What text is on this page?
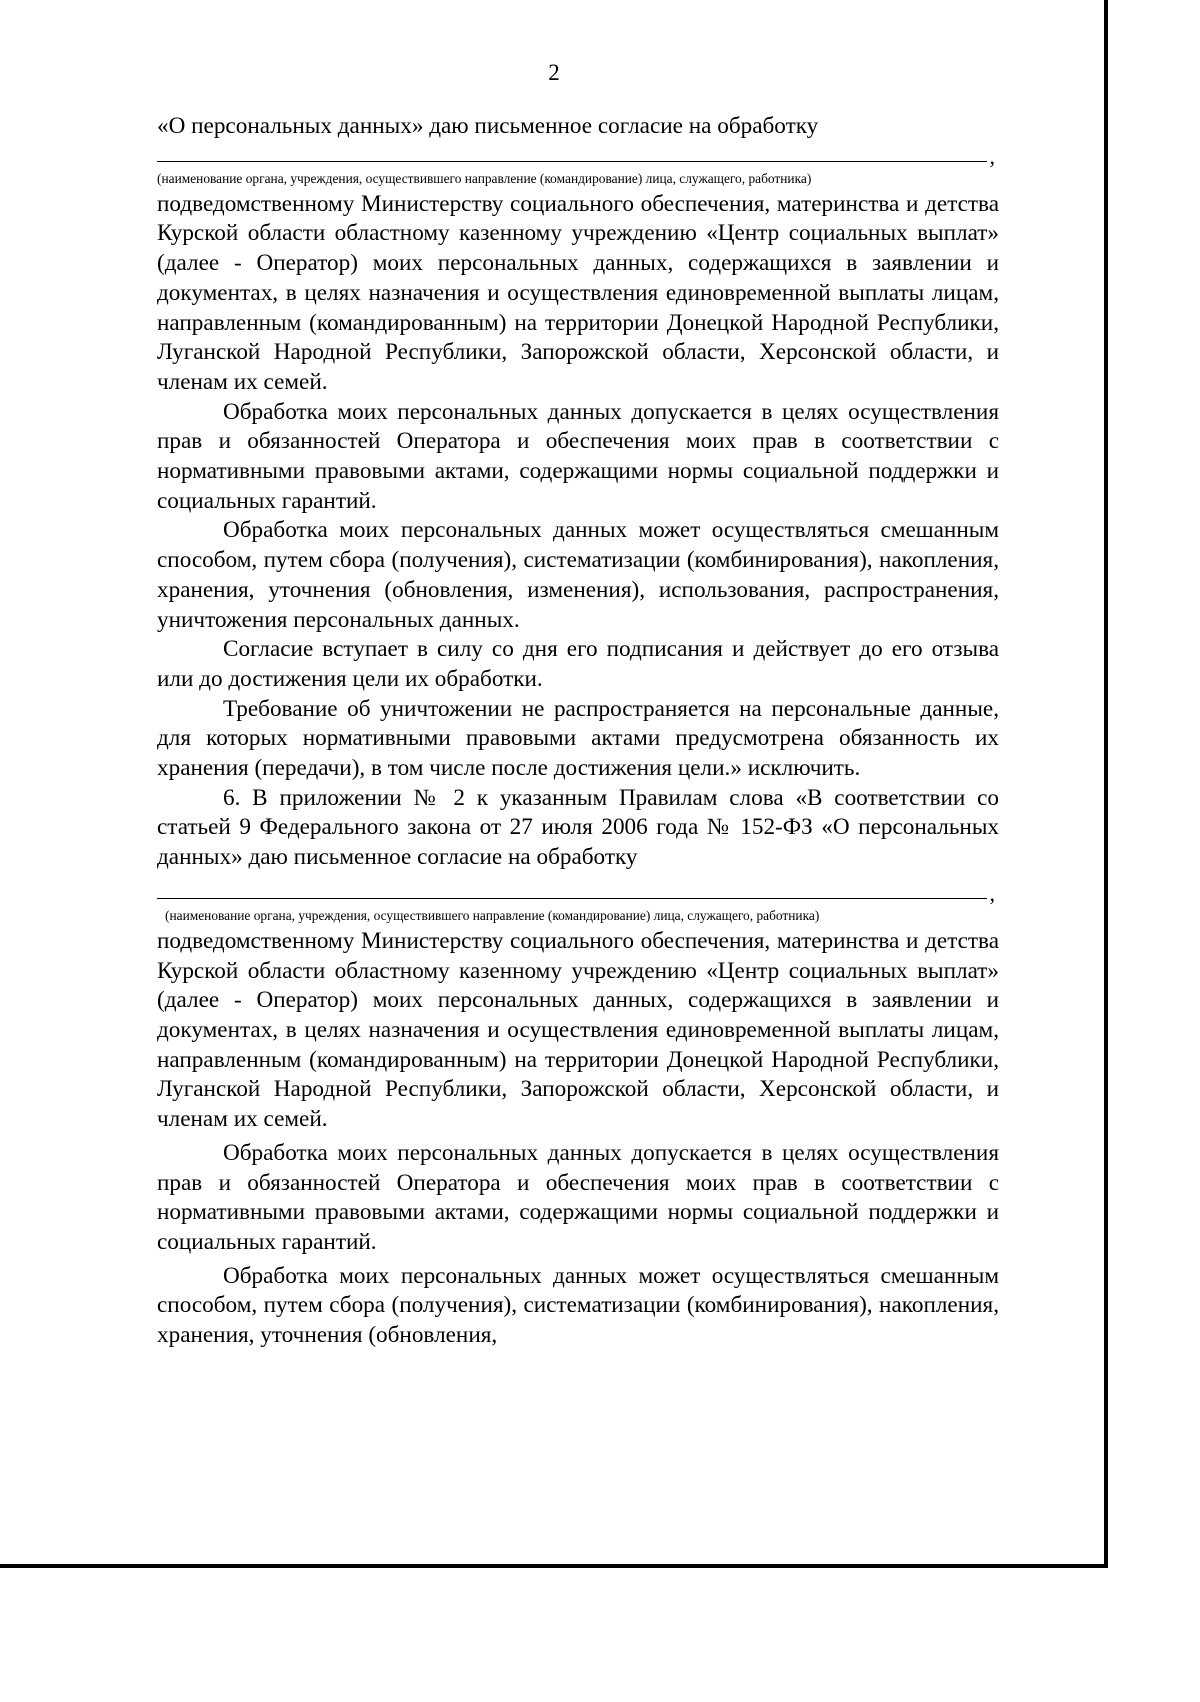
2

«О персональных данных» даю письменное согласие на обработку

,
(наименование органа, учреждения, осуществившего направление (командирование) лица, служащего, работника)

подведомственному Министерству социального обеспечения, материнства и детства Курской области областному казенному учреждению «Центр социальных выплат» (далее - Оператор) моих персональных данных, содержащихся в заявлении и документах, в целях назначения и осуществления единовременной выплаты лицам, направленным (командированным) на территории Донецкой Народной Республики, Луганской Народной Республики, Запорожской области, Херсонской области, и членам их семей.

Обработка моих персональных данных допускается в целях осуществления прав и обязанностей Оператора и обеспечения моих прав в соответствии с нормативными правовыми актами, содержащими нормы социальной поддержки и социальных гарантий.

Обработка моих персональных данных может осуществляться смешанным способом, путем сбора (получения), систематизации (комбинирования), накопления, хранения, уточнения (обновления, изменения), использования, распространения, уничтожения персональных данных.

Согласие вступает в силу со дня его подписания и действует до его отзыва или до достижения цели их обработки.

Требование об уничтожении не распространяется на персональные данные, для которых нормативными правовыми актами предусмотрена обязанность их хранения (передачи), в том числе после достижения цели.» исключить.

6. В приложении № 2 к указанным Правилам слова «В соответствии со статьей 9 Федерального закона от 27 июля 2006 года № 152-ФЗ «О персональных данных» даю письменное согласие на обработку

,
(наименование органа, учреждения, осуществившего направление (командирование) лица, служащего, работника)

подведомственному Министерству социального обеспечения, материнства и детства Курской области областному казенному учреждению «Центр социальных выплат» (далее - Оператор) моих персональных данных, содержащихся в заявлении и документах, в целях назначения и осуществления единовременной выплаты лицам, направленным (командированным) на территории Донецкой Народной Республики, Луганской Народной Республики, Запорожской области, Херсонской области, и членам их семей.

Обработка моих персональных данных допускается в целях осуществления прав и обязанностей Оператора и обеспечения моих прав в соответствии с нормативными правовыми актами, содержащими нормы социальной поддержки и социальных гарантий.

Обработка моих персональных данных может осуществляться смешанным способом, путем сбора (получения), систематизации (комбинирования), накопления, хранения, уточнения (обновления,
